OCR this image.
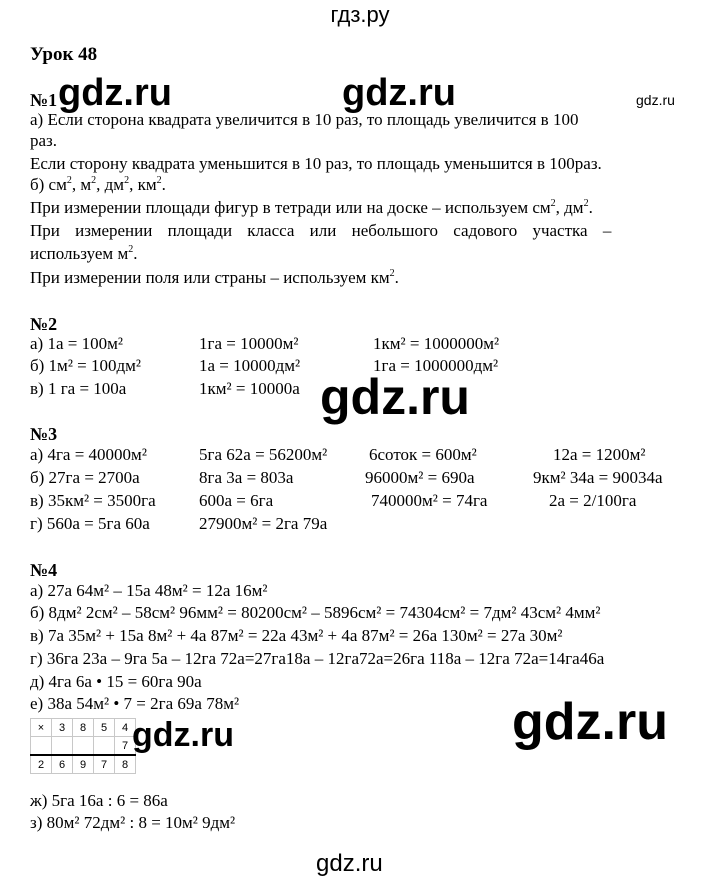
гдз.ру
Урок 48
№1
а) Если сторона квадрата увеличится в 10 раз, то площадь увеличится в 100
раз.
Если сторону квадрата уменьшится в 10 раз, то площадь уменьшится в 100раз.
б) $см^2$, $м^2$, $дм^2$, $км^2$.
При измерении площади фигур в тетради или на доске – используем $см^2$, $дм^2$.
При измерении площади класса или небольшого садового участка –
используем $м^2$.
При измерении поля или страны – используем $км^2$.
№2
а) 1а = 100м²	1га = 10000м²	1км² = 1000000м²
б) 1м² = 100дм²	1а = 10000дм²	1га = 1000000дм²
в) 1 га = 100а	1км² = 10000а
№3
а) 4га = 40000м²	5га 62а = 56200м² 6соток = 600м²	12а = 1200м²
б) 27га = 2700а	8га 3а = 803а	96000м² = 690а	9км² 34а = 90034а
в) 35км² = 3500га	600а = 6га	740000м² = 74га	2а = 2/100га
г) 560а = 5га 60а	27900м² = 2га 79а
№4
а) 27а 64м² – 15а 48м² = 12а 16м²
б) 8дм² 2см² – 58см² 96мм² = 80200см² – 5896см² = 74304см² = 7дм² 43см² 4мм²
в) 7а 35м² + 15а 8м² + 4а 87м² = 22а 43м² + 4а 87м² = 26а 130м² = 27а 30м²
г) 36га 23а – 9га 5а – 12га 72а=27га18а – 12га72а=26га 118а – 12га 72а=14га46а
д) 4га 6а • 15 = 60га 90а
е) 38а 54м² • 7 = 2га 69а 78м²
×	3	8	5	4
				7
2	6	9	7	8
ж) 5га 16а : 6 = 86а
з) 80м² 72дм² : 8 = 10м² 9дм²
gdz.ru	gdz.ru	gdz.ru
gdz.ru
gdz.ru
gdz.ru
gdz.ru
